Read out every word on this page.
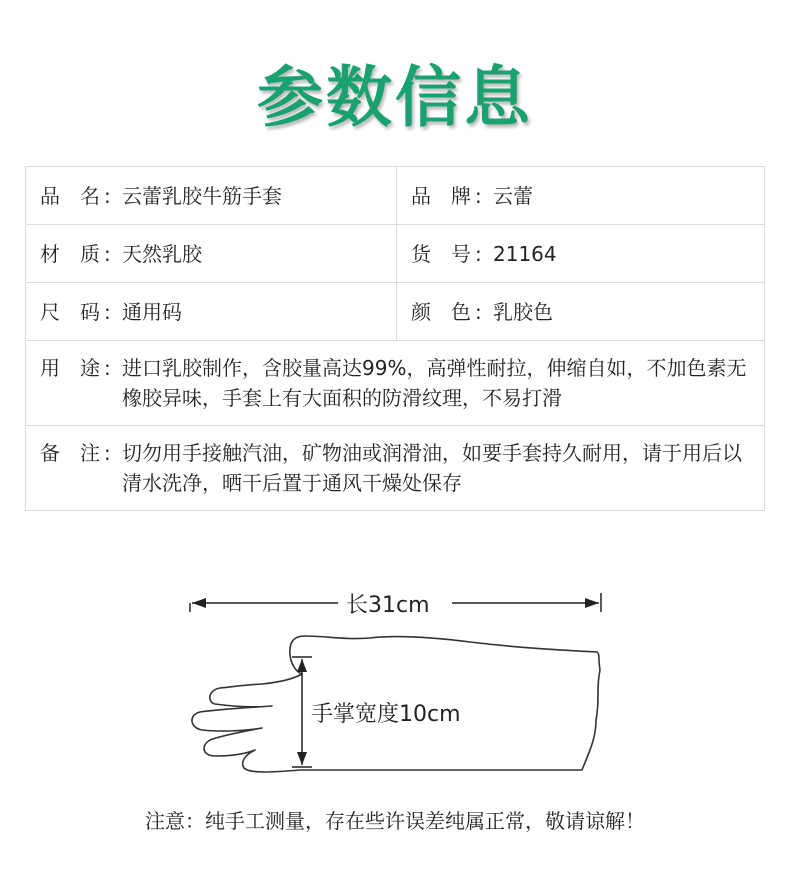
参数信息
品　名 : 云蕾乳胶牛筋手套	品　牌 : 云蕾

材　质 : 天然乳胶	货　号 : 21164

尺　码 : 通用码	颜　色 : 乳胶色

用　途 : 进口乳胶制作，含胶量高达99%，高弹性耐拉，伸缩自如，不加色素无橡胶异味，手套上有大面积的防滑纹理，不易打滑	

备　注 : 切勿用手接触汽油，矿物油或润滑油，如要手套持久耐用，请于用后以清水洗净，晒干后置于通风干燥处保存	
长31cm
手掌宽度10cm
注意：纯手工测量，存在些许误差纯属正常，敬请谅解！
